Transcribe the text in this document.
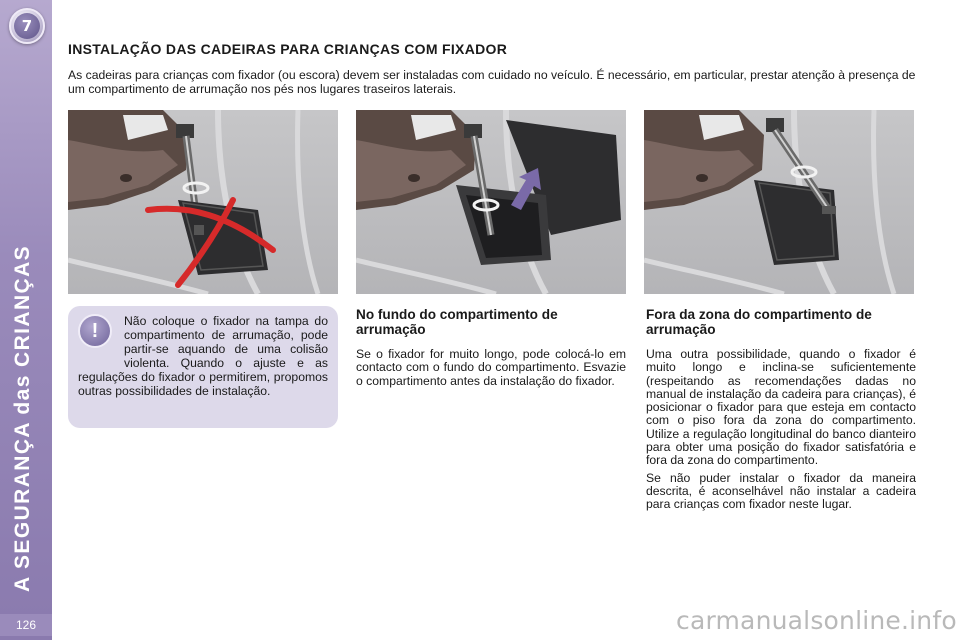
7
A SEGURANÇA das CRIANÇAS
126
INSTALAÇÃO DAS CADEIRAS PARA CRIANÇAS COM FIXADOR
As cadeiras para crianças com fixador (ou escora) devem ser instaladas com cuidado no veículo. É necessário, em particular, prestar atenção à presença de um compartimento de arrumação nos pés nos lugares traseiros laterais.
!	Não coloque o fixador na tampa do compartimento de arrumação, pode partir-se aquando de uma colisão violenta. Quando o ajuste e as regulações do fixador o permitirem, propomos outras possibilidades de instalação.
No fundo do compartimento de arrumação
Se o fixador for muito longo, pode colocá-lo em contacto com o fundo do compartimento. Esvazie o compartimento antes da instalação do fixador.
Fora da zona do compartimento de arrumação

Uma outra possibilidade, quando o fixador é muito longo e inclina-se suficientemente (respeitando as recomendações dadas no manual de instalação da cadeira para crianças), é posicionar o fixador para que esteja em contacto com o piso fora da zona do compartimento. Utilize a regulação longitudinal do banco dianteiro para obter uma posição do fixador satisfatória e fora da zona do compartimento.

Se não puder instalar o fixador da maneira descrita, é aconselhável não instalar a cadeira para crianças com fixador neste lugar.

carmanualsonline.info
